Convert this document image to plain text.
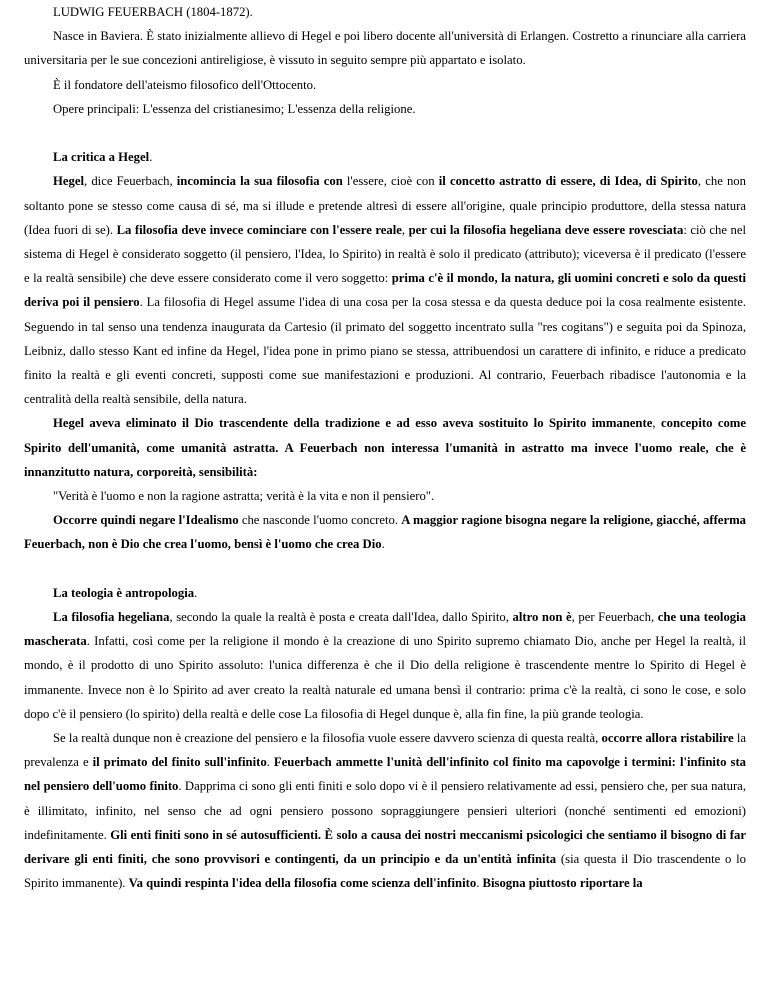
LUDWIG FEUERBACH (1804-1872).

Nasce in Baviera. È stato inizialmente allievo di Hegel e poi libero docente all'università di Erlangen. Costretto a rinunciare alla carriera universitaria per le sue concezioni antireligiose, è vissuto in seguito sempre più appartato e isolato.

È il fondatore dell'ateismo filosofico dell'Ottocento.

Opere principali: L'essenza del cristianesimo; L'essenza della religione.

La critica a Hegel.

Hegel, dice Feuerbach, incomincia la sua filosofia con l'essere, cioè con il concetto astratto di essere, di Idea, di Spirito, che non soltanto pone se stesso come causa di sé, ma si illude e pretende altresì di essere all'origine, quale principio produttore, della stessa natura (Idea fuori di se). La filosofia deve invece cominciare con l'essere reale, per cui la filosofia hegeliana deve essere rovesciata: ciò che nel sistema di Hegel è considerato soggetto (il pensiero, l'Idea, lo Spirito) in realtà è solo il predicato (attributo); viceversa è il predicato (l'essere e la realtà sensibile) che deve essere considerato come il vero soggetto: prima c'è il mondo, la natura, gli uomini concreti e solo da questi deriva poi il pensiero. La filosofia di Hegel assume l'idea di una cosa per la cosa stessa e da questa deduce poi la cosa realmente esistente. Seguendo in tal senso una tendenza inaugurata da Cartesio (il primato del soggetto incentrato sulla "res cogitans") e seguita poi da Spinoza, Leibniz, dallo stesso Kant ed infine da Hegel, l'idea pone in primo piano se stessa, attribuendosi un carattere di infinito, e riduce a predicato finito la realtà e gli eventi concreti, supposti come sue manifestazioni e produzioni. Al contrario, Feuerbach ribadisce l'autonomia e la centralità della realtà sensibile, della natura.

Hegel aveva eliminato il Dio trascendente della tradizione e ad esso aveva sostituito lo Spirito immanente, concepito come Spirito dell'umanità, come umanità astratta. A Feuerbach non interessa l'umanità in astratto ma invece l'uomo reale, che è innanzitutto natura, corporeità, sensibilità:

"Verità è l'uomo e non la ragione astratta; verità è la vita e non il pensiero".

Occorre quindi negare l'Idealismo che nasconde l'uomo concreto. A maggior ragione bisogna negare la religione, giacché, afferma Feuerbach, non è Dio che crea l'uomo, bensì è l'uomo che crea Dio.

La teologia è antropologia.

La filosofia hegeliana, secondo la quale la realtà è posta e creata dall'Idea, dallo Spirito, altro non è, per Feuerbach, che una teologia mascherata. Infatti, così come per la religione il mondo è la creazione di uno Spirito supremo chiamato Dio, anche per Hegel la realtà, il mondo, è il prodotto di uno Spirito assoluto: l'unica differenza è che il Dio della religione è trascendente mentre lo Spirito di Hegel è immanente. Invece non è lo Spirito ad aver creato la realtà naturale ed umana bensì il contrario: prima c'è la realtà, ci sono le cose, e solo dopo c'è il pensiero (lo spirito) della realtà e delle cose La filosofia di Hegel dunque è, alla fin fine, la più grande teologia.

Se la realtà dunque non è creazione del pensiero e la filosofia vuole essere davvero scienza di questa realtà, occorre allora ristabilire la prevalenza e il primato del finito sull'infinito. Feuerbach ammette l'unità dell'infinito col finito ma capovolge i termini: l'infinito sta nel pensiero dell'uomo finito. Dapprima ci sono gli enti finiti e solo dopo vi è il pensiero relativamente ad essi, pensiero che, per sua natura, è illimitato, infinito, nel senso che ad ogni pensiero possono sopraggiungere pensieri ulteriori (nonché sentimenti ed emozioni) indefinitamente. Gli enti finiti sono in sé autosufficienti. È solo a causa dei nostri meccanismi psicologici che sentiamo il bisogno di far derivare gli enti finiti, che sono provvisori e contingenti, da un principio e da un'entità infinita (sia questa il Dio trascendente o lo Spirito immanente). Va quindi respinta l'idea della filosofia come scienza dell'infinito. Bisogna piuttosto riportare la
